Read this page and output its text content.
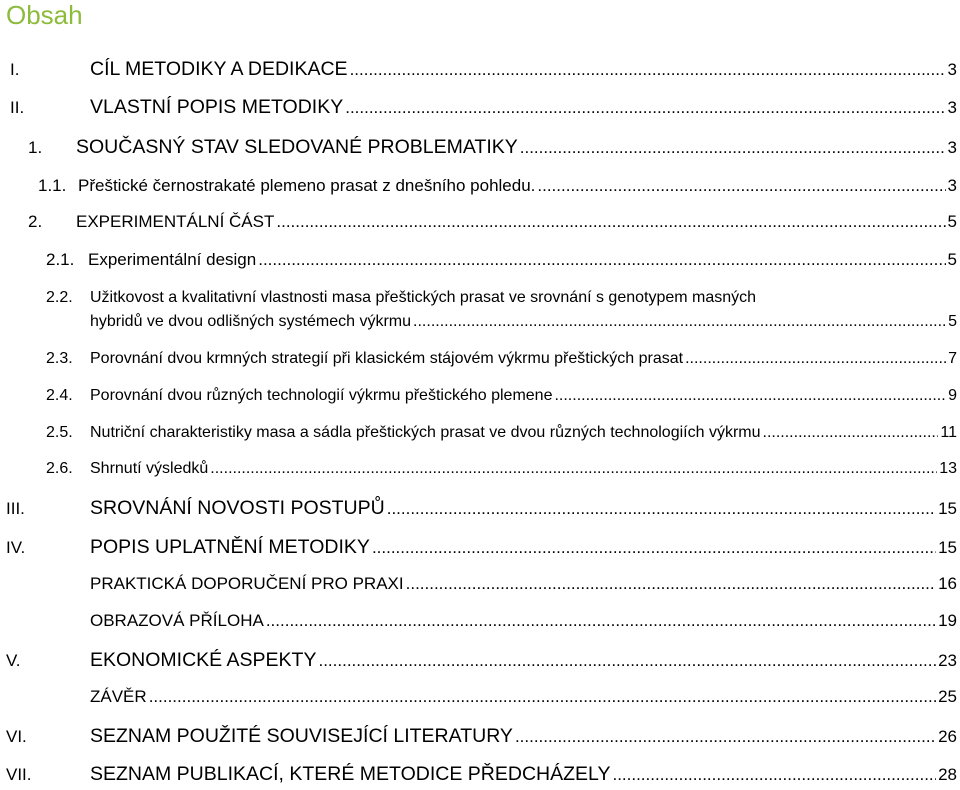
Obsah
I.	CÍL METODIKY A DEDIKACE .....	3
II.	VLASTNÍ POPIS METODIKY .....	3
1.	SOUČASNÝ STAV SLEDOVANÉ PROBLEMATIKY .....	3
1.1. Přeštické černostrakaté plemeno prasat z dnešního pohledu. .....	3
2.	EXPERIMENTÁLNÍ ČÁST .....	5
2.1. Experimentální design .....	5
2.2.	Užitkovost a kvalitativní vlastnosti masa přeštických prasat ve srovnání s genotypem masných
hybridů ve dvou odlišných systémech výkrmu .....	5
2.3.	Porovnání dvou krmných strategií při klasickém stájovém výkrmu přeštických prasat .....	7
2.4.	Porovnání dvou různých technologií výkrmu přeštického plemene .....	9
2.5.	Nutriční charakteristiky masa a sádla přeštických prasat ve dvou různých technologiích výkrmu .....	11
2.6.	Shrnutí výsledků .....	13
III.	SROVNÁNÍ NOVOSTI POSTUPŮ .....	15
IV.	POPIS UPLATNĚNÍ METODIKY .....	15
PRAKTICKÁ DOPORUČENÍ PRO PRAXI .....	16
OBRAZOVÁ PŘÍLOHA .....	19
V.	EKONOMICKÉ ASPEKTY .....	23
ZÁVĚR .....	25
VI.	SEZNAM POUŽITÉ SOUVISEJÍCÍ LITERATURY .....	26
VII.	SEZNAM PUBLIKACÍ, KTERÉ METODICE PŘEDCHÁZELY .....	28
